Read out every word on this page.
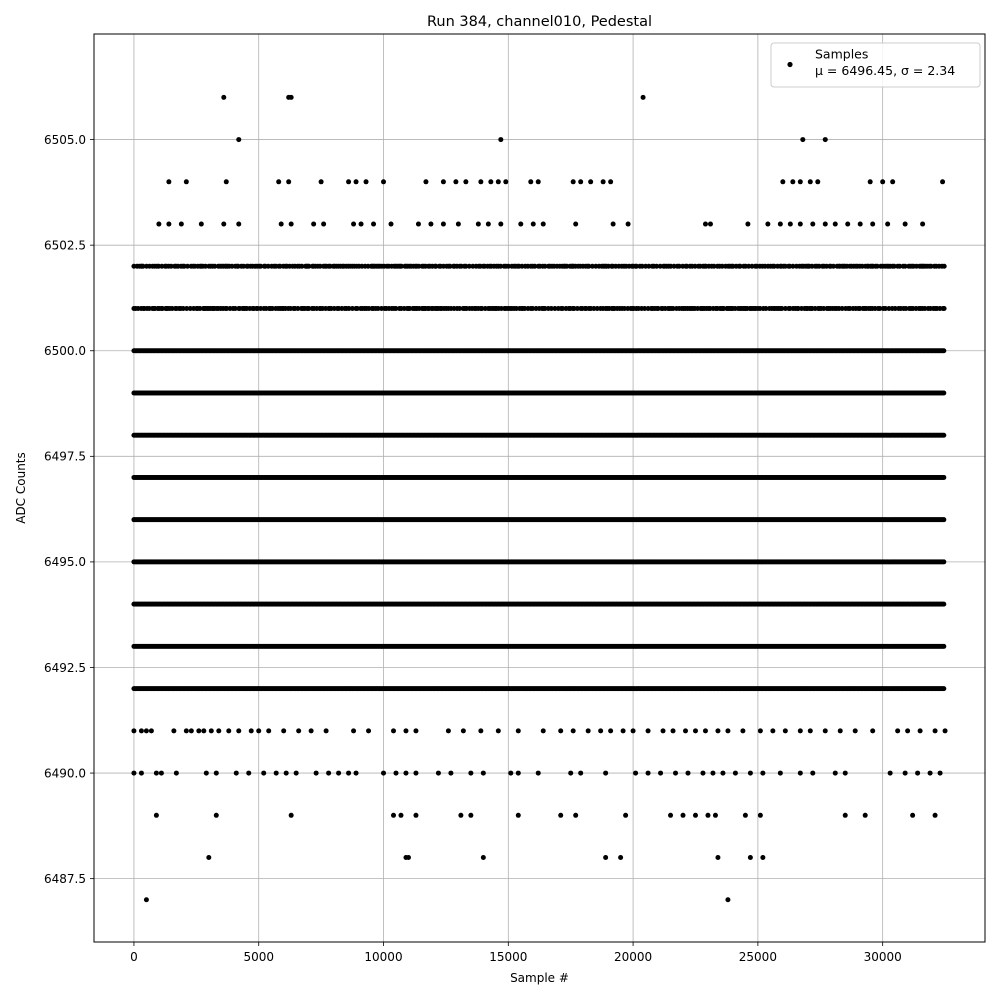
Run 384, channel010, Pedestal
0	5000	10000	15000	20000	25000	30000
6487.5
6490.0
6492.5
6495.0
6497.5
6500.0
6502.5
6505.0
Sample #
ADC Counts
Samples
μ = 6496.45, σ = 2.34
